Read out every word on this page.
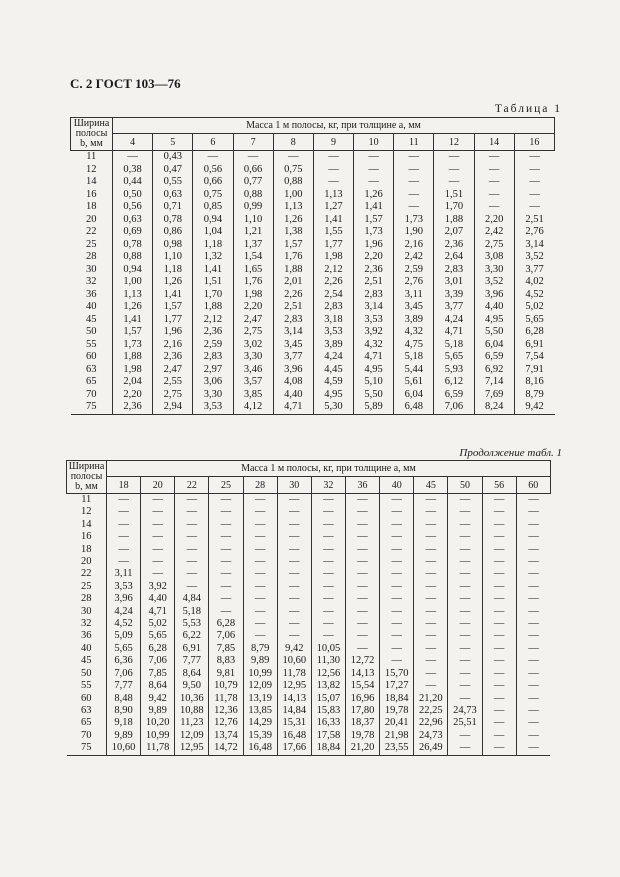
С. 2 ГОСТ 103—76
Таблица 1
Ширина полосы b, мм	Масса 1 м полосы, кг, при толщине a, мм										
	4	5	6	7	8	9	10	11	12	14	16
11	—	0,43	—	—	—	—	—	—	—	—	—
12	0,38	0,47	0,56	0,66	0,75	—	—	—	—	—	—
14	0,44	0,55	0,66	0,77	0,88	—	—	—	—	—	—
16	0,50	0,63	0,75	0,88	1,00	1,13	1,26	—	1,51	—	—
18	0,56	0,71	0,85	0,99	1,13	1,27	1,41	—	1,70	—	—
20	0,63	0,78	0,94	1,10	1,26	1,41	1,57	1,73	1,88	2,20	2,51
22	0,69	0,86	1,04	1,21	1,38	1,55	1,73	1,90	2,07	2,42	2,76
25	0,78	0,98	1,18	1,37	1,57	1,77	1,96	2,16	2,36	2,75	3,14
28	0,88	1,10	1,32	1,54	1,76	1,98	2,20	2,42	2,64	3,08	3,52
30	0,94	1,18	1,41	1,65	1,88	2,12	2,36	2,59	2,83	3,30	3,77
32	1,00	1,26	1,51	1,76	2,01	2,26	2,51	2,76	3,01	3,52	4,02
36	1,13	1,41	1,70	1,98	2,26	2,54	2,83	3,11	3,39	3,96	4,52
40	1,26	1,57	1,88	2,20	2,51	2,83	3,14	3,45	3,77	4,40	5,02
45	1,41	1,77	2,12	2,47	2,83	3,18	3,53	3,89	4,24	4,95	5,65
50	1,57	1,96	2,36	2,75	3,14	3,53	3,92	4,32	4,71	5,50	6,28
55	1,73	2,16	2,59	3,02	3,45	3,89	4,32	4,75	5,18	6,04	6,91
60	1,88	2,36	2,83	3,30	3,77	4,24	4,71	5,18	5,65	6,59	7,54
63	1,98	2,47	2,97	3,46	3,96	4,45	4,95	5,44	5,93	6,92	7,91
65	2,04	2,55	3,06	3,57	4,08	4,59	5,10	5,61	6,12	7,14	8,16
70	2,20	2,75	3,30	3,85	4,40	4,95	5,50	6,04	6,59	7,69	8,79
75	2,36	2,94	3,53	4,12	4,71	5,30	5,89	6,48	7,06	8,24	9,42
Продолжение табл. 1
Ширина полосы b, мм	Масса 1 м полосы, кг, при толщине a, мм												
	18	20	22	25	28	30	32	36	40	45	50	56	60
11	—	—	—	—	—	—	—	—	—	—	—	—	—
12	—	—	—	—	—	—	—	—	—	—	—	—	—
14	—	—	—	—	—	—	—	—	—	—	—	—	—
16	—	—	—	—	—	—	—	—	—	—	—	—	—
18	—	—	—	—	—	—	—	—	—	—	—	—	—
20	—	—	—	—	—	—	—	—	—	—	—	—	—
22	3,11	—	—	—	—	—	—	—	—	—	—	—	—
25	3,53	3,92	—	—	—	—	—	—	—	—	—	—	—
28	3,96	4,40	4,84	—	—	—	—	—	—	—	—	—	—
30	4,24	4,71	5,18	—	—	—	—	—	—	—	—	—	—
32	4,52	5,02	5,53	6,28	—	—	—	—	—	—	—	—	—
36	5,09	5,65	6,22	7,06	—	—	—	—	—	—	—	—	—
40	5,65	6,28	6,91	7,85	8,79	9,42	10,05	—	—	—	—	—	—
45	6,36	7,06	7,77	8,83	9,89	10,60	11,30	12,72	—	—	—	—	—
50	7,06	7,85	8,64	9,81	10,99	11,78	12,56	14,13	15,70	—	—	—	—
55	7,77	8,64	9,50	10,79	12,09	12,95	13,82	15,54	17,27	—	—	—	—
60	8,48	9,42	10,36	11,78	13,19	14,13	15,07	16,96	18,84	21,20	—	—	—
63	8,90	9,89	10,88	12,36	13,85	14,84	15,83	17,80	19,78	22,25	24,73	—	—
65	9,18	10,20	11,23	12,76	14,29	15,31	16,33	18,37	20,41	22,96	25,51	—	—
70	9,89	10,99	12,09	13,74	15,39	16,48	17,58	19,78	21,98	24,73	—	—	—
75	10,60	11,78	12,95	14,72	16,48	17,66	18,84	21,20	23,55	26,49	—	—	—
